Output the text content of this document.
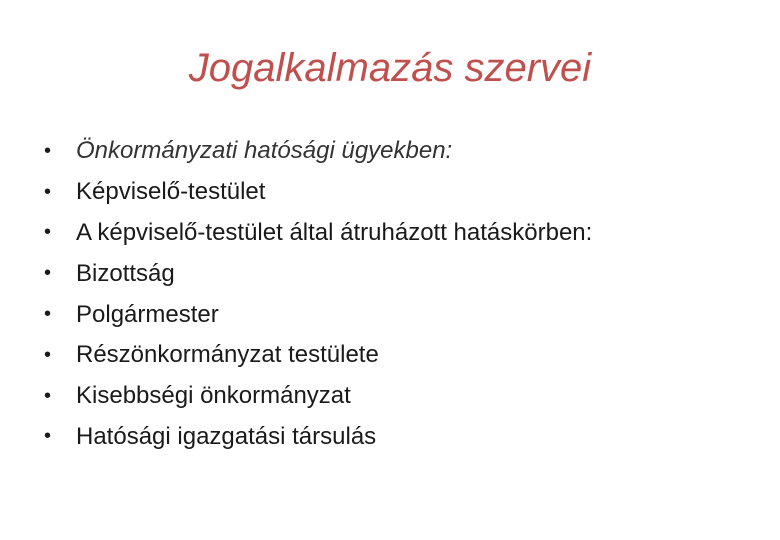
Jogalkalmazás szervei
•	Önkormányzati hatósági ügyekben:
•	Képviselő-testület
•	A képviselő-testület által átruházott hatáskörben:
•	Bizottság
•	Polgármester
•	Részönkormányzat testülete
•	Kisebbségi önkormányzat
•	Hatósági igazgatási társulás
